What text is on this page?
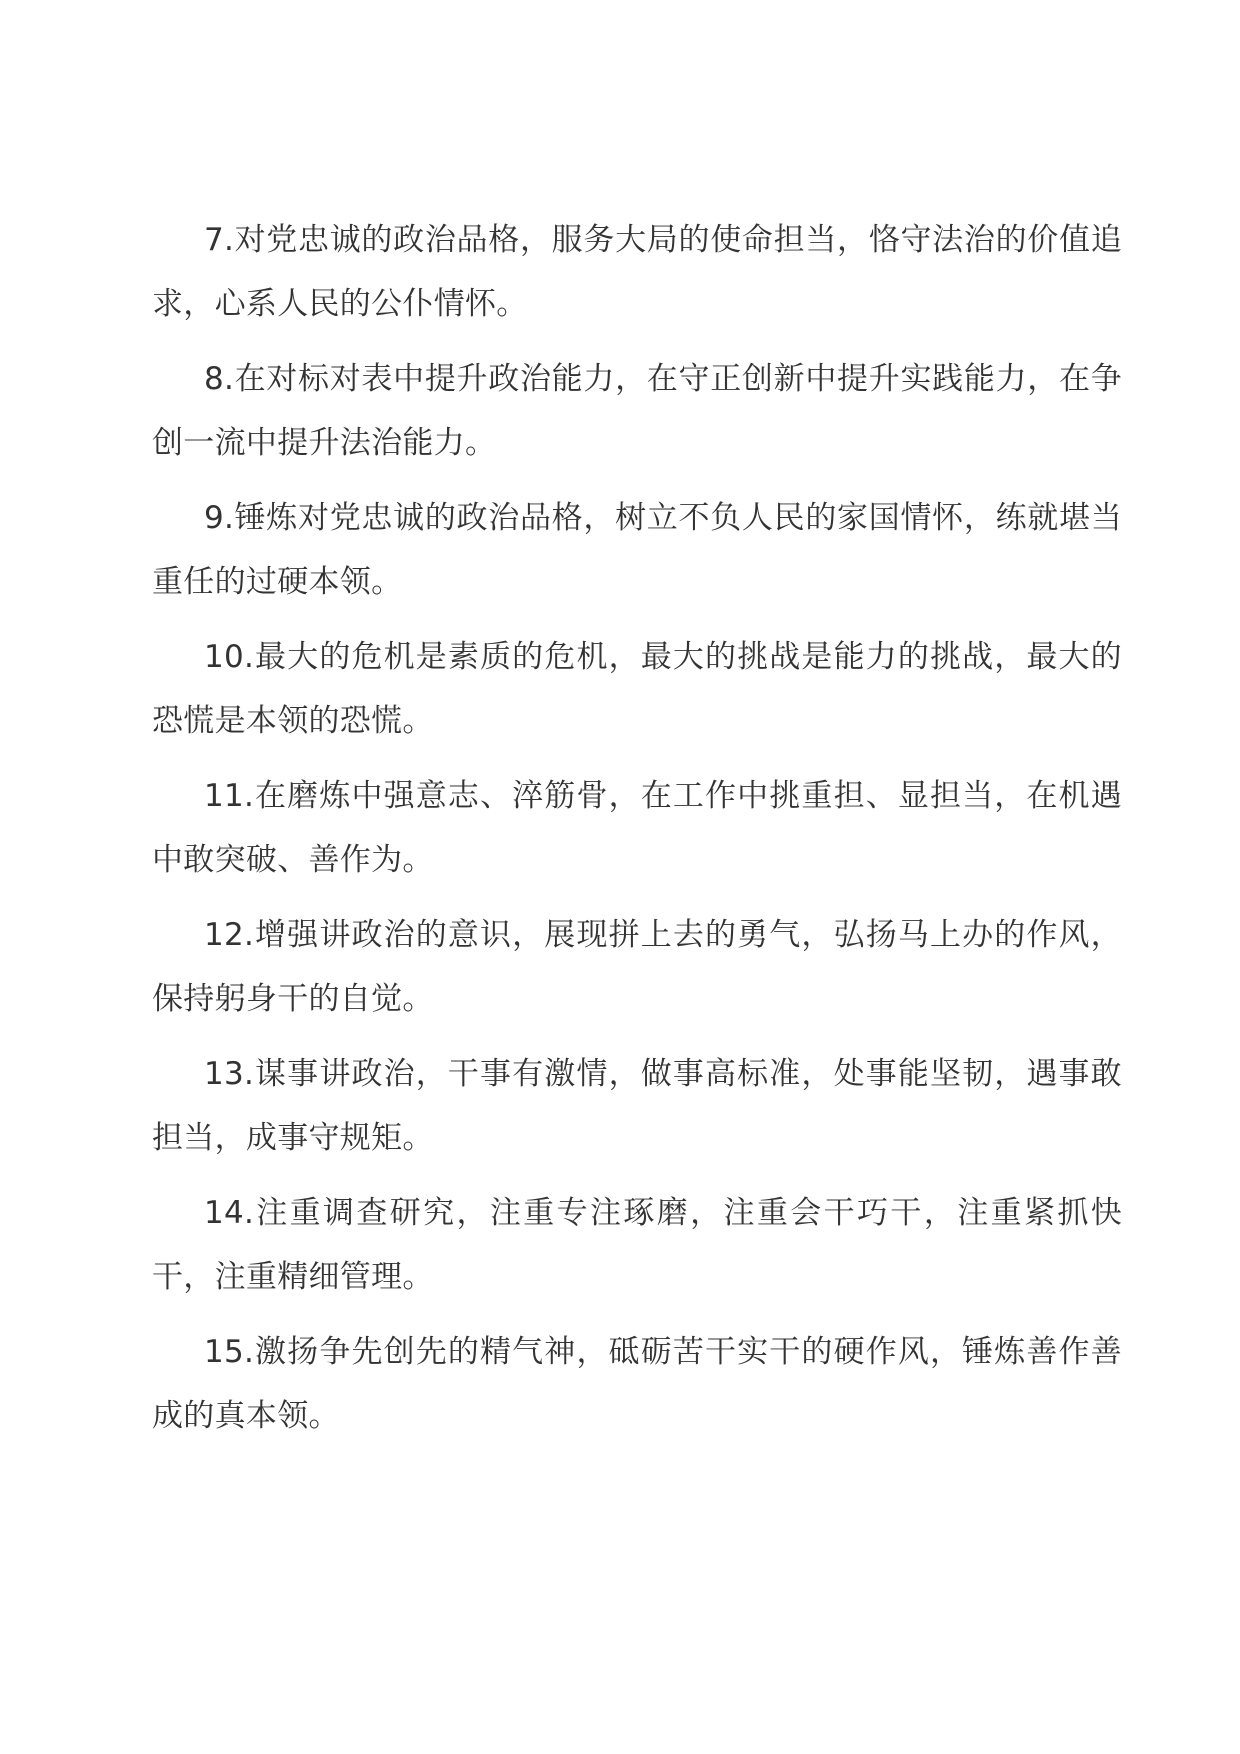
7.对党忠诚的政治品格，服务大局的使命担当，恪守法治的价值追求，心系人民的公仆情怀。

8.在对标对表中提升政治能力，在守正创新中提升实践能力，在争创一流中提升法治能力。

9.锤炼对党忠诚的政治品格，树立不负人民的家国情怀，练就堪当重任的过硬本领。

10.最大的危机是素质的危机，最大的挑战是能力的挑战，最大的恐慌是本领的恐慌。

11.在磨炼中强意志、淬筋骨，在工作中挑重担、显担当，在机遇中敢突破、善作为。

12.增强讲政治的意识，展现拼上去的勇气，弘扬马上办的作风，保持躬身干的自觉。

13.谋事讲政治，干事有激情，做事高标准，处事能坚韧，遇事敢担当，成事守规矩。

14.注重调查研究，注重专注琢磨，注重会干巧干，注重紧抓快干，注重精细管理。

15.激扬争先创先的精气神，砥砺苦干实干的硬作风，锤炼善作善成的真本领。
